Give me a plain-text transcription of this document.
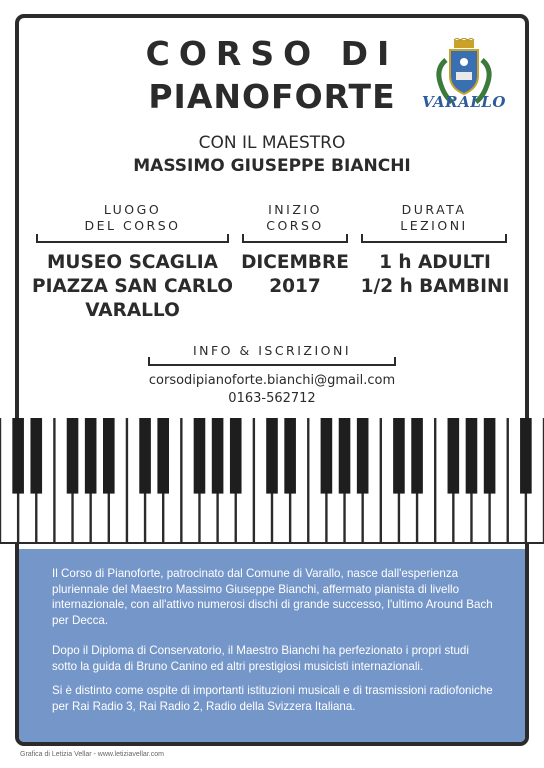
CORSO DI
PIANOFORTE	VARALLO
CON IL MAESTRO
MASSIMO GIUSEPPE BIANCHI
LUOGO
DEL CORSO
MUSEO SCAGLIA
PIAZZA SAN CARLO
VARALLO
INIZIO
CORSO
DICEMBRE
2017
DURATA
LEZIONI
1 h ADULTI
1/2 h BAMBINI
INFO & ISCRIZIONI
corsodipianoforte.bianchi@gmail.com
0163-562712

Il Corso di Pianoforte, patrocinato dal Comune di Varallo, nasce dall'esperienza pluriennale del Maestro Massimo Giuseppe Bianchi, affermato pianista di livello internazionale, con all'attivo numerosi dischi di grande successo, l'ultimo Around Bach per Decca.

Dopo il Diploma di Conservatorio, il Maestro Bianchi ha perfezionato i propri studi sotto la guida di Bruno Canino ed altri prestigiosi musicisti internazionali.

Si è distinto come ospite di importanti istituzioni musicali e di trasmissioni radiofoniche per Rai Radio 3, Rai Radio 2, Radio della Svizzera Italiana.

Grafica di Letizia Vellar - www.letiziavellar.com
